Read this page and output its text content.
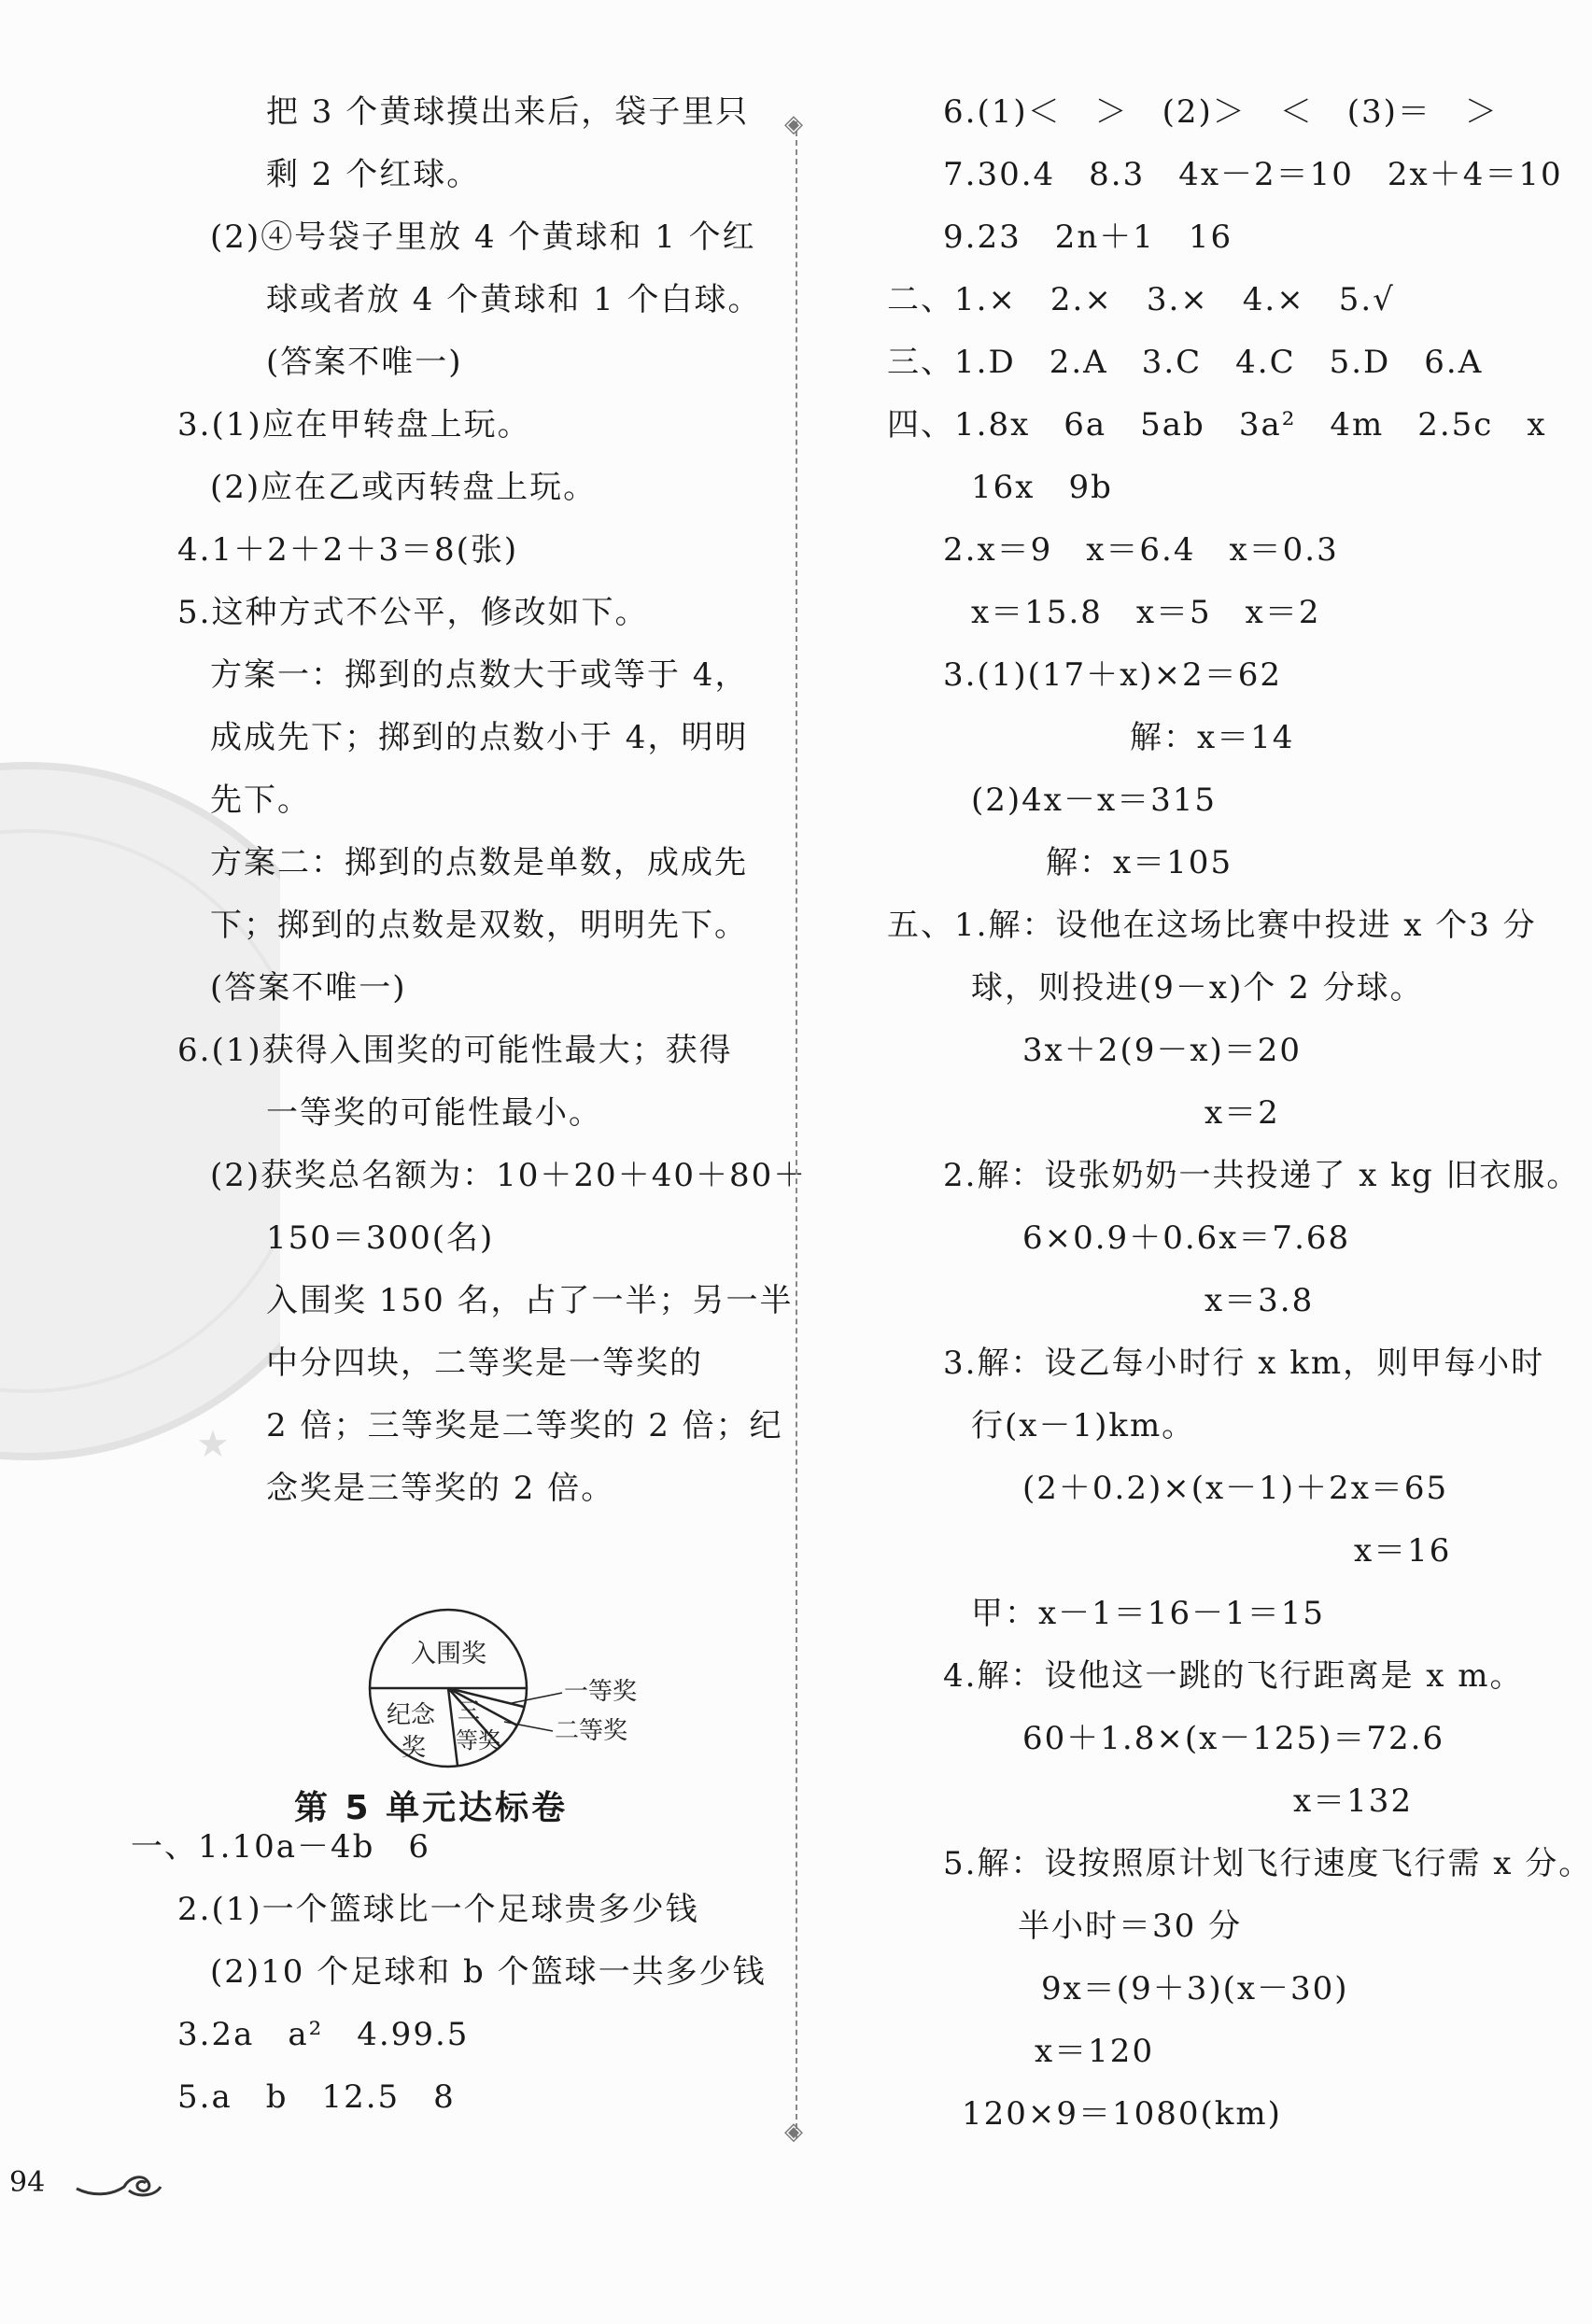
★
把 3 个黄球摸出来后，袋子里只
剩 2 个红球。
(2)④号袋子里放 4 个黄球和 1 个红
球或者放 4 个黄球和 1 个白球。
(答案不唯一)
3.(1)应在甲转盘上玩。
(2)应在乙或丙转盘上玩。
4.1＋2＋2＋3＝8(张)
5.这种方式不公平，修改如下。
方案一：掷到的点数大于或等于 4，
成成先下；掷到的点数小于 4，明明
先下。
方案二：掷到的点数是单数，成成先
下；掷到的点数是双数，明明先下。
(答案不唯一)
6.(1)获得入围奖的可能性最大；获得
一等奖的可能性最小。
(2)获奖总名额为：10＋20＋40＋80＋
150＝300(名)
入围奖 150 名，占了一半；另一半
中分四块，二等奖是一等奖的
2 倍；三等奖是二等奖的 2 倍；纪
念奖是三等奖的 2 倍。
入围奖
纪念
奖
三
等奖
一等奖
二等奖
第 5 单元达标卷
一、1.10a－4b　6
2.(1)一个篮球比一个足球贵多少钱
(2)10 个足球和 b 个篮球一共多少钱
3.2a　a²　4.99.5
5.a　b　12.5　8
◈
◈
6.(1)＜　＞　(2)＞　＜　(3)＝　＞
7.30.4　8.3　4x－2＝10　2x＋4＝10
9.23　2n＋1　16
二、1.×　2.×　3.×　4.×　5.√
三、1.D　2.A　3.C　4.C　5.D　6.A
四、1.8x　6a　5ab　3a²　4m　2.5c　x
16x　9b
2.x＝9　x＝6.4　x＝0.3
x＝15.8　x＝5　x＝2
3.(1)(17＋x)×2＝62
解：x＝14
(2)4x－x＝315
解：x＝105
五、1.解：设他在这场比赛中投进 x 个3 分
球，则投进(9－x)个 2 分球。
3x＋2(9－x)＝20
x＝2
2.解：设张奶奶一共投递了 x kg 旧衣服。
6×0.9＋0.6x＝7.68
x＝3.8
3.解：设乙每小时行 x km，则甲每小时
行(x－1)km。
(2＋0.2)×(x－1)＋2x＝65
x＝16
甲：x－1＝16－1＝15
4.解：设他这一跳的飞行距离是 x m。
60＋1.8×(x－125)＝72.6
x＝132
5.解：设按照原计划飞行速度飞行需 x 分。
半小时＝30 分
9x＝(9＋3)(x－30)
x＝120
120×9＝1080(km)
94
